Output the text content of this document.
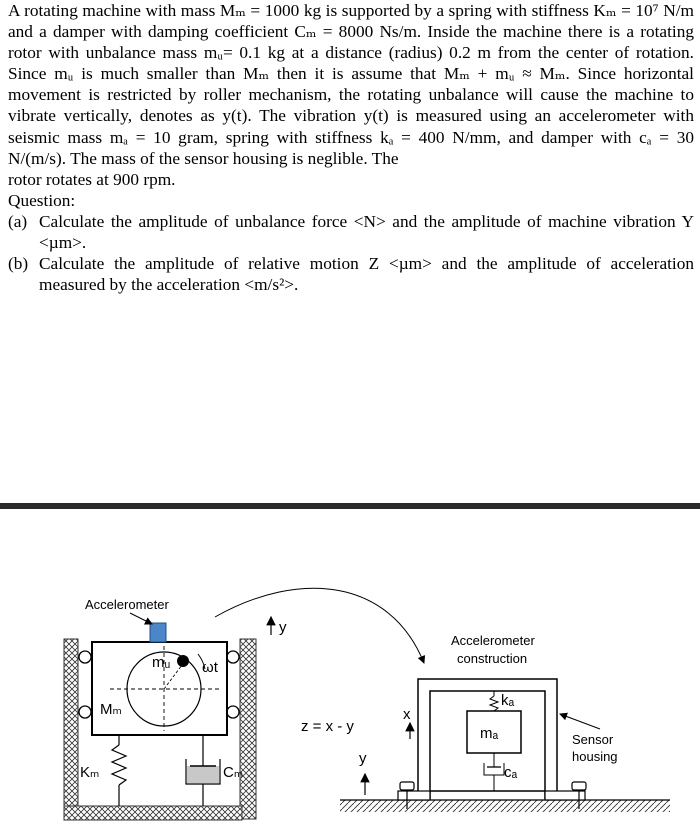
A rotating machine with mass Mₘ = 1000 kg is supported by a spring with stiffness Kₘ = 10⁷ N/m and a damper with damping coefficient Cₘ = 8000 Ns/m. Inside the machine there is a rotating rotor with unbalance mass mᵤ= 0.1 kg at a distance (radius) 0.2 m from the center of rotation. Since mᵤ is much smaller than Mₘ then it is assume that Mₘ + mᵤ ≈ Mₘ. Since horizontal movement is restricted by roller mechanism, the rotating unbalance will cause the machine to vibrate vertically, denotes as y(t). The vibration y(t) is measured using an accelerometer with seismic mass mₐ = 10 gram, spring with stiffness kₐ = 400 N/mm, and damper with cₐ = 30 N/(m/s). The mass of the sensor housing is neglible. The

rotor rotates at 900 rpm.

Question:

(a) Calculate the amplitude of unbalance force <N> and the amplitude of machine vibration Y <µm>.
(b) Calculate the amplitude of relative motion Z <µm> and the amplitude of acceleration measured by the acceleration <m/s²>.
Accelerometer
mᵤ ωt
Mₘ
Kₘ	Cₘ
y
z = x - y
x
y
Accelerometer
construction
kₐ
mₐ
cₐ
Sensor
housing
